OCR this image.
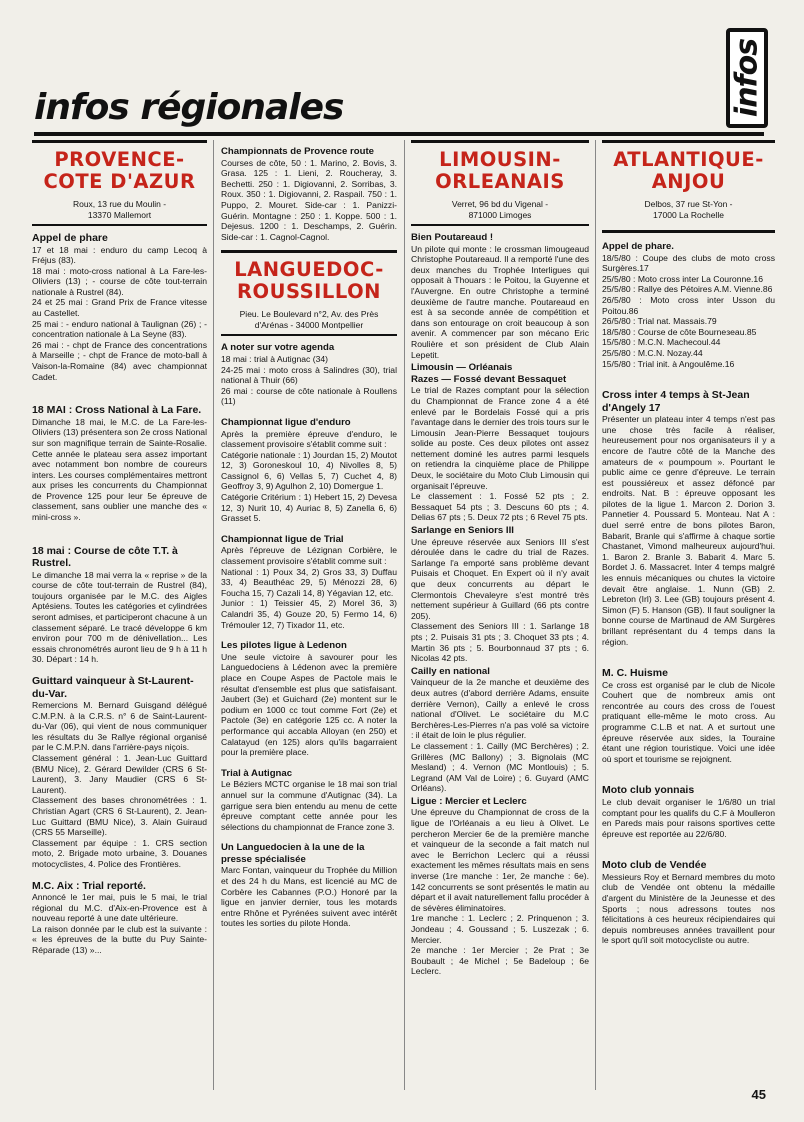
infos
infos régionales
PROVENCE-
COTE D'AZUR
Roux, 13 rue du Moulin -
13370 Mallemort
Appel de phare

17 et 18 mai : enduro du camp Lecoq à Fréjus (83).

18 mai : moto-cross national à La Fare-les-Oliviers (13) ; - course de côte tout-terrain nationale à Rustrel (84).

24 et 25 mai : Grand Prix de France vitesse au Castellet.

25 mai : - enduro national à Taulignan (26) ; - concentration nationale à La Seyne (83).

26 mai : - chpt de France des concentrations à Marseille ; - chpt de France de moto-ball à Vaison-la-Romaine (84) avec championnat Cadet.

18 MAI : Cross National à La Fare.

Dimanche 18 mai, le M.C. de La Fare-les-Oliviers (13) présentera son 2e cross National sur son magnifique terrain de Sainte-Rosalie. Cette année le plateau sera assez important avec notamment bon nombre de coureurs inters. Les courses complémentaires mettront aux prises les concurrents du Championnat de Provence 125 pour leur 5e épreuve de classement, sans oublier une manche des « mini-cross ».

18 mai : Course de côte T.T. à Rustrel.

Le dimanche 18 mai verra la « reprise » de la course de côte tout-terrain de Rustrel (84), toujours organisée par le M.C. des Aigles Aptésiens. Toutes les catégories et cylindrées seront admises, et participeront chacune à un classement séparé. Le tracé développe 6 km environ pour 700 m de dénivellation... Les essais chronométrés auront lieu de 9 h à 11 h 30. Départ : 14 h.

Guittard vainqueur à St-Laurent-du-Var.

Remercions M. Bernard Guisgand délégué C.M.P.N. à la C.R.S. n° 6 de Saint-Laurent-du-Var (06), qui vient de nous communiquer les résultats du 3e Rallye régional organisé par le C.M.P.N. dans l'arrière-pays niçois.

Classement général : 1. Jean-Luc Guittard (BMU Nice), 2. Gérard Dewilder (CRS 6 St-Laurent), 3. Jany Maudier (CRS 6 St-Laurent).

Classement des bases chronométrées : 1. Christian Agart (CRS 6 St-Laurent), 2. Jean-Luc Guittard (BMU Nice), 3. Alain Guiraud (CRS 55 Marseille).

Classement par équipe : 1. CRS section moto, 2. Brigade moto urbaine, 3. Douanes motocyclistes, 4. Police des Frontières.

M.C. Aix : Trial reporté.

Annoncé le 1er mai, puis le 5 mai, le trial régional du M.C. d'Aix-en-Provence est à nouveau reporté à une date ultérieure.

La raison donnée par le club est la suivante : « les épreuves de la butte du Puy Sainte-Réparade (13) »...

Championnats de Provence route

Courses de côte, 50 : 1. Marino, 2. Bovis, 3. Grasa. 125 : 1. Lieni, 2. Roucheray, 3. Bechetti. 250 : 1. Digiovanni, 2. Sorribas, 3. Roux. 350 : 1. Digiovanni, 2. Raspail. 750 : 1. Puppo, 2. Mouret. Side-car : 1. Panizzi-Guérin. Montagne : 250 : 1. Koppe. 500 : 1. Dejesus. 1200 : 1. Deschamps, 2. Guérin. Side-car : 1. Cagnol-Cagnol.

LANGUEDOC-
ROUSSILLON
Pieu. Le Boulevard n°2, Av. des Près
d'Arénas - 34000 Montpellier
A noter sur votre agenda

18 mai : trial à Autignac (34)

24-25 mai : moto cross à Salindres (30), trial national à Thuir (66)

26 mai : course de côte nationale à Roullens (11)

Championnat ligue d'enduro

Après la première épreuve d'enduro, le classement provisoire s'établit comme suit :

Catégorie nationale : 1) Jourdan 15, 2) Moutot 12, 3) Goroneskoul 10, 4) Nivolles 8, 5) Cassignol 6, 6) Vellas 5, 7) Cuchet 4, 8) Geoffroy 3, 9) Agulhon 2, 10) Domergue 1.

Catégorie Critérium : 1) Hebert 15, 2) Devesa 12, 3) Nurit 10, 4) Auriac 8, 5) Zanella 6, 6) Grasset 5.

Championnat ligue de Trial

Après l'épreuve de Lézignan Corbière, le classement provisoire s'établit comme suit :

National : 1) Poux 34, 2) Gros 33, 3) Duffau 33, 4) Beauthéac 29, 5) Ménozzi 28, 6) Foucha 15, 7) Cazali 14, 8) Yégavian 12, etc.

Junior : 1) Teissier 45, 2) Morel 36, 3) Calandri 35, 4) Gouze 20, 5) Fermo 14, 6) Trémouler 12, 7) Tixador 11, etc.

Les pilotes ligue à Ledenon

Une seule victoire à savourer pour les Languedociens à Lédenon avec la première place en Coupe Aspes de Pactole mais le résultat d'ensemble est plus que satisfaisant. Jaubert (3e) et Guichard (2e) montent sur le podium en 1000 cc tout comme Fort (2e) et Pactole (3e) en catégorie 125 cc. A noter la performance qui accabla Alloyan (en 250) et Calatayud (en 125) alors qu'ils bagarraient pour la première place.

Trial à Autignac

Le Béziers MCTC organise le 18 mai son trial annuel sur la commune d'Autignac (34). La garrigue sera bien entendu au menu de cette épreuve comptant cette année pour les sélections du championnat de France zone 3.

Un Languedocien à la une de la presse spécialisée

Marc Fontan, vainqueur du Trophée du Million et des 24 h du Mans, est licencié au MC de Corbère les Cabannes (P.O.) Honoré par la ligue en janvier dernier, tous les motards entre Rhône et Pyrénées suivent avec intérêt toutes les sorties du pilote Honda.

LIMOUSIN-
ORLEANAIS
Verret, 96 bd du Vigenal -
871000 Limoges
Bien Poutareaud !

Un pilote qui monte : le crossman limougeaud Christophe Poutareaud. Il a remporté l'une des deux manches du Trophée Interligues qui opposait à Thouars : le Poitou, la Guyenne et l'Auvergne. En outre Christophe a terminé deuxième de l'autre manche. Poutareaud en est à sa seconde année de compétition et dans son entourage on croit beaucoup à son avenir. A commencer par son mécano Eric Roulière et son président de Club Alain Lepetit.

Limousin — Orléanais
Razes — Fossé devant Bessaquet

Le trial de Razes comptant pour la sélection du Championnat de France zone 4 a été enlevé par le Bordelais Fossé qui a pris l'avantage dans le dernier des trois tours sur le Limousin Jean-Pierre Bessaquet toujours solide au poste. Ces deux pilotes ont assez nettement dominé les autres parmi lesquels on retiendra la cinquième place de Philippe Deux, le sociétaire du Moto Club Limousin qui organisait l'épreuve.

Le classement : 1. Fossé 52 pts ; 2. Bessaquet 54 pts ; 3. Descuns 60 pts ; 4. Delias 67 pts ; 5. Deux 72 pts ; 6 Revel 75 pts.

Sarlange en Seniors III

Une épreuve réservée aux Seniors III s'est déroulée dans le cadre du trial de Razes. Sarlange l'a emporté sans problème devant Puisais et Choquet. En Expert où il n'y avait que deux concurrents au départ le Clermontois Chevaleyre s'est montré très nettement supérieur à Guillard (66 pts contre 205).

Classement des Seniors III : 1. Sarlange 18 pts ; 2. Puisais 31 pts ; 3. Choquet 33 pts ; 4. Martin 36 pts ; 5. Bourbonnaud 37 pts ; 6. Nicolas 42 pts.

Cailly en national

Vainqueur de la 2e manche et deuxième des deux autres (d'abord derrière Adams, ensuite derrière Vernon), Cailly a enlevé le cross national d'Olivet. Le sociétaire du M.C Berchères-Les-Pierres n'a pas volé sa victoire : il était de loin le plus régulier.

Le classement : 1. Cailly (MC Berchères) ; 2. Grillères (MC Ballony) ; 3. Bignolais (MC Mesland) ; 4. Vernon (MC Montlouis) ; 5. Legrand (AM Val de Loire) ; 6. Guyard (AMC Orléans).

Ligue : Mercier et Leclerc

Une épreuve du Championnat de cross de la ligue de l'Orléanais a eu lieu à Olivet. Le percheron Mercier 6e de la première manche et vainqueur de la seconde a fait match nul avec le Berrichon Leclerc qui a réussi exactement les mêmes résultats mais en sens inverse (1re manche : 1er, 2e manche : 6e). 142 concurrents se sont présentés le matin au départ et il avait naturellement fallu procéder à de sévères éliminatoires.

1re manche : 1. Leclerc ; 2. Prinquenon ; 3. Jondeau ; 4. Goussand ; 5. Luszezak ; 6. Mercier.

2e manche : 1er Mercier ; 2e Prat ; 3e Boubault ; 4e Michel ; 5e Badeloup ; 6e Leclerc.

ATLANTIQUE-
ANJOU
Delbos, 37 rue St-Yon -
17000 La Rochelle
Appel de phare.

18/5/80 : Coupe des clubs de moto cross Surgères.17

25/5/80 : Moto cross inter La Couronne.16

25/5/80 : Rallye des Pétoires A.M. Vienne.86

26/5/80 : Moto cross inter Usson du Poitou.86

26/5/80 : Trial nat. Massais.79

18/5/80 : Course de côte Bourneзeau.85

15/5/80 : M.C.N. Machecoul.44

25/5/80 : M.C.N. Nozay.44

15/5/80 : Trial init. à Angoulême.16

Cross inter 4 temps à St-Jean d'Angely 17

Présenter un plateau inter 4 temps n'est pas une chose très facile à réaliser, heureusement pour nos organisateurs il y a encore de l'autre côté de la Manche des amateurs de « poumpoum ». Pourtant le public aime ce genre d'épreuve. Le terrain est poussiéreux et assez défoncé par endroits. Nat. B : épreuve opposant les pilotes de la ligue 1. Marcon 2. Dorion 3. Pannetier 4. Poussard 5. Monteau. Nat A : duel serré entre de bons pilotes Baron, Babarit, Branle qui s'affirme à chaque sortie Chastanet, Vimond malheureux aujourd'hui. 1. Baron 2. Branle 3. Babarit 4. Marc 5. Bordet J. 6. Massacret. Inter 4 temps malgré les ennuis mécaniques ou chutes la victoire devait être anglaise. 1. Nunn (GB) 2. Lebreton (Irl) 3. Lee (GB) toujours présent 4. Simon (F) 5. Hanson (GB). Il faut souligner la bonne course de Martinaud de AM Surgères brillant représentant du 4 temps dans la région.

M. C. Huisme

Ce cross est organisé par le club de Nicole Couhert que de nombreux amis ont rencontrée au cours des cross de l'ouest pratiquant elle-même le moto cross. Au programme C.L.B et nat. A et surtout une épreuve réservée aux sides, la Touraine étant une région touristique. Voici une idée où sport et tourisme se rejoignent.

Moto club yonnais

Le club devait organiser le 1/6/80 un trial comptant pour les qualifs du C.F à Moulleron en Pareds mais pour raisons sportives cette épreuve est reportée au 22/6/80.

Moto club de Vendée

Messieurs Roy et Bernard membres du moto club de Vendée ont obtenu la médaille d'argent du Ministère de la Jeunesse et des Sports ; nous adressons toutes nos félicitations à ces heureux récipiendaires qui depuis nombreuses années travaillent pour le sport qu'il soit motocycliste ou autre.

45
